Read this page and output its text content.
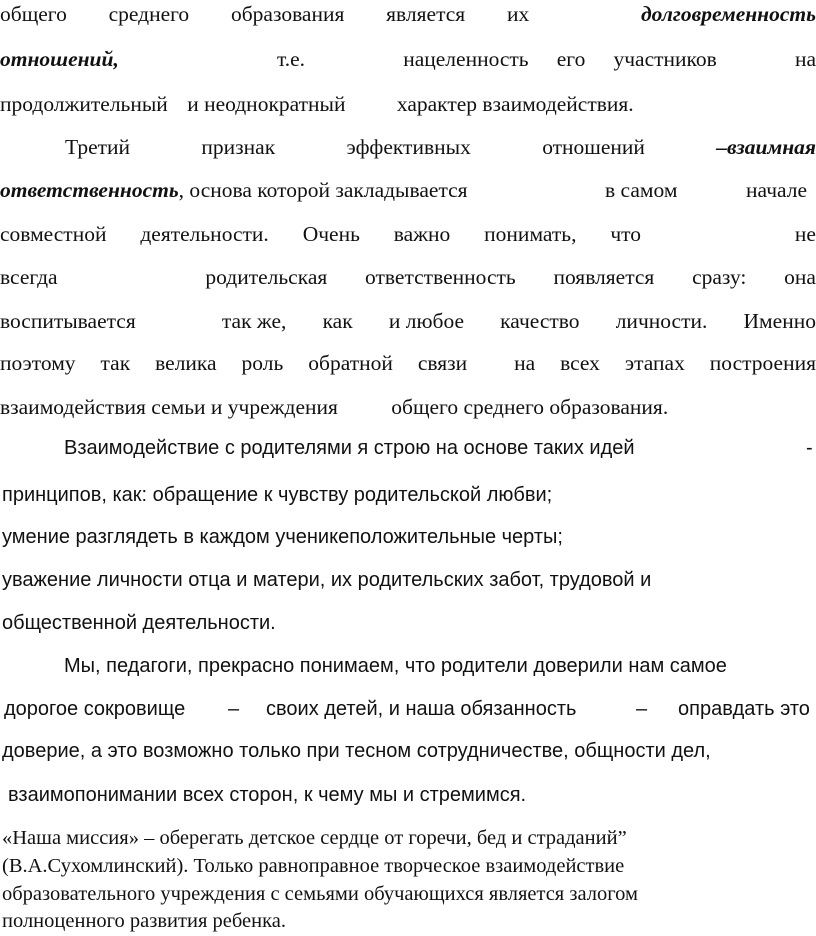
общего среднего образования является их	долговременность
отношений,	т.е.	нацеленность его участников	на
продолжительный и неоднократный характер взаимодействия.
Третий	признак	эффективных	отношений	–взаимная
ответственность, основа которой закладывается	в самом	начале
совместной деятельности. Очень важно понимать, что	не
всегда	родительская ответственность появляется сразу: она
воспитывается	так же, как и любое качество личности. Именно
поэтому так велика роль обратной связи на всех этапах построения
взаимодействия семьи и учреждения общего среднего образования.
Взаимодействие с родителями я строю на основе таких идей	-
принципов, как: обращение к чувству родительской любви;
умение разглядеть в каждом ученикеположительные черты;
уважение личности отца и матери, их родительских забот, трудовой и
общественной деятельности.
Мы, педагоги, прекрасно понимаем, что родители доверили нам самое
дорогое сокровище – своих детей, и наша обязанность	– оправдать это
доверие, а это возможно только при тесном сотрудничестве, общности дел,
взаимопонимании всех сторон, к чему мы и стремимся.
«Наша миссия» – оберегать детское сердце от горечи, бед и страданий”
(В.А.Сухомлинский). Только равноправное творческое взаимодействие
образовательного учреждения с семьями обучающихся является залогом
полноценного развития ребенка.
